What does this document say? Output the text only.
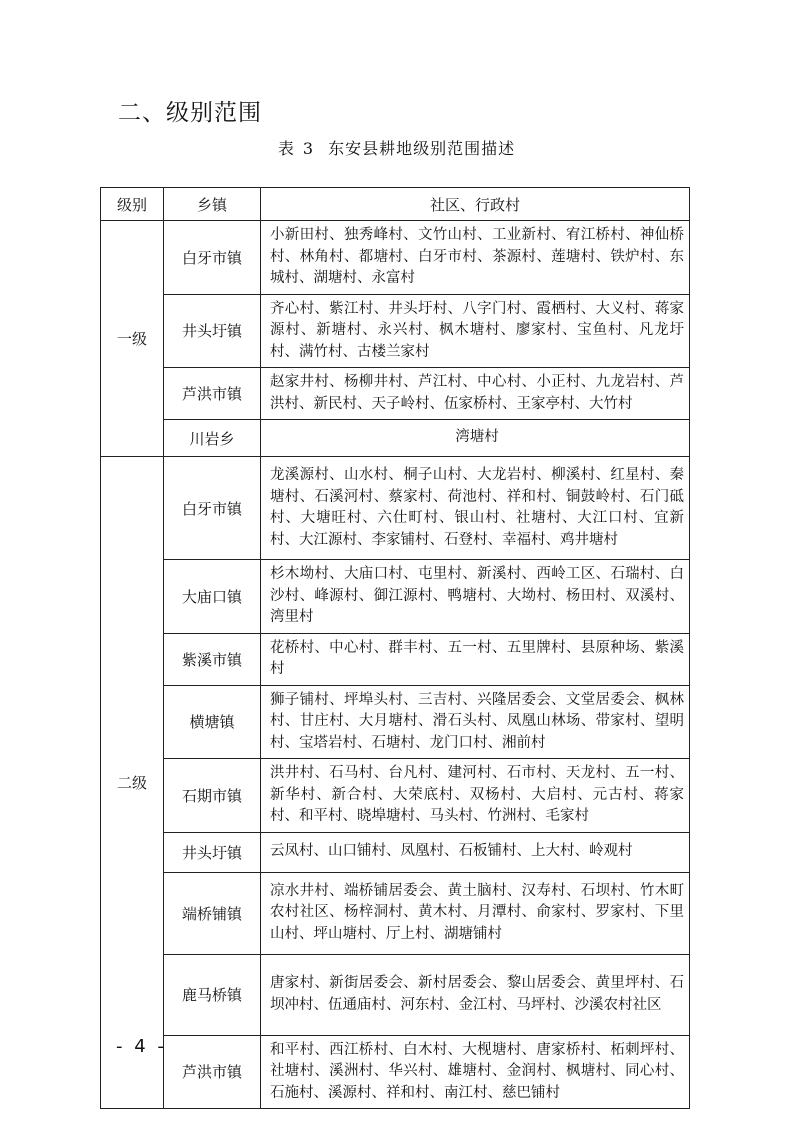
二、级别范围
表 3 东安县耕地级别范围描述
级别	乡镇	社区、行政村
一级	白牙市镇	小新田村、独秀峰村、文竹山村、工业新村、宥江桥村、神仙桥村、林角村、都塘村、白牙市村、茶源村、莲塘村、铁炉村、东城村、湖塘村、永富村
	井头圩镇	齐心村、紫江村、井头圩村、八字门村、霞栖村、大义村、蒋家源村、新塘村、永兴村、枫木塘村、廖家村、宝鱼村、凡龙圩村、满竹村、古楼兰家村
	芦洪市镇	赵家井村、杨柳井村、芦江村、中心村、小正村、九龙岩村、芦洪村、新民村、天子岭村、伍家桥村、王家亭村、大竹村
	川岩乡	湾塘村
二级	白牙市镇	龙溪源村、山水村、桐子山村、大龙岩村、柳溪村、红星村、秦塘村、石溪河村、蔡家村、荷池村、祥和村、铜鼓岭村、石门砥村、大塘旺村、六仕町村、银山村、社塘村、大江口村、宜新村、大江源村、李家铺村、石登村、幸福村、鸡井塘村
	大庙口镇	杉木坳村、大庙口村、屯里村、新溪村、西岭工区、石瑞村、白沙村、峰源村、御江源村、鸭塘村、大坳村、杨田村、双溪村、湾里村
	紫溪市镇	花桥村、中心村、群丰村、五一村、五里牌村、县原种场、紫溪村
	横塘镇	狮子铺村、坪埠头村、三吉村、兴隆居委会、文堂居委会、枫林村、甘庄村、大月塘村、滑石头村、凤凰山林场、带家村、望明村、宝塔岩村、石塘村、龙门口村、湘前村
	石期市镇	洪井村、石马村、台凡村、建河村、石市村、天龙村、五一村、新华村、新合村、大荣底村、双杨村、大启村、元古村、蒋家村、和平村、晓埠塘村、马头村、竹洲村、毛家村
	井头圩镇	云凤村、山口铺村、凤凰村、石板铺村、上大村、岭观村
	端桥铺镇	凉水井村、端桥铺居委会、黄土脑村、汉寿村、石坝村、竹木町农村社区、杨梓洞村、黄木村、月潭村、俞家村、罗家村、下里山村、坪山塘村、厅上村、湖塘铺村
	鹿马桥镇	唐家村、新街居委会、新村居委会、黎山居委会、黄里坪村、石坝冲村、伍通庙村、河东村、金江村、马坪村、沙溪农村社区
	芦洪市镇	和平村、西江桥村、白木村、大枧塘村、唐家桥村、柘刺坪村、社塘村、溪洲村、华兴村、雄塘村、金润村、枫塘村、同心村、石施村、溪源村、祥和村、南江村、慈巴铺村
- 4 -
